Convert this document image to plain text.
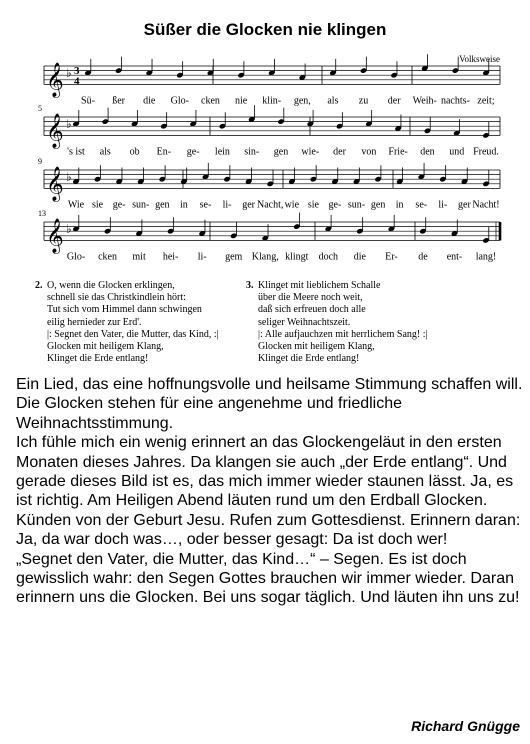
Süßer die Glocken nie klingen
Volksweise
𝄞 ♭ 3
4
Sü- ßer die Glo- cken nie klin- gen, als zu der Weih- nachts- zeit;
𝄞 ♭
5
's ist als ob En- ge- lein sin- gen wie- der von Frie- den und Freud.
𝄞 ♭
9
Wie sie ge- sun- gen in se- li- ger Nacht, wie sie ge- sun- gen in se- li- ger Nacht!
𝄞 ♭
13
Glo- cken mit hei- li- gem Klang, klingt doch die Er- de ent- lang!
2. O, wenn die Glocken erklingen,
schnell sie das Christkindlein hört:
Tut sich vom Himmel dann schwingen
eilig hernieder zur Erd'.
|: Segnet den Vater, die Mutter, das Kind, :|
Glocken mit heiligem Klang,
Klinget die Erde entlang!
3. Klinget mit lieblichem Schalle
über die Meere noch weit,
daß sich erfreuen doch alle
seliger Weihnachtszeit.
|: Alle aufjauchzen mit herrlichem Sang! :|
Glocken mit heiligem Klang,
Klinget die Erde entlang!

Ein Lied, das eine hoffnungsvolle und heilsame Stimmung schaffen will. Die Glocken stehen für eine angenehme und friedliche Weihnachtsstimmung.

Ich fühle mich ein wenig erinnert an das Glockengeläut in den ersten Monaten dieses Jahres. Da klangen sie auch „der Erde entlang“. Und gerade dieses Bild ist es, das mich immer wieder staunen lässt. Ja, es ist richtig. Am Heiligen Abend läuten rund um den Erdball Glocken. Künden von der Geburt Jesu. Rufen zum Gottesdienst. Erinnern daran: Ja, da war doch was…, oder besser gesagt: Da ist doch wer!

„Segnet den Vater, die Mutter, das Kind…“ – Segen. Es ist doch gewisslich wahr: den Segen Gottes brauchen wir immer wieder. Daran erinnern uns die Glocken. Bei uns sogar täglich. Und läuten ihn uns zu!

Richard Gnügge
